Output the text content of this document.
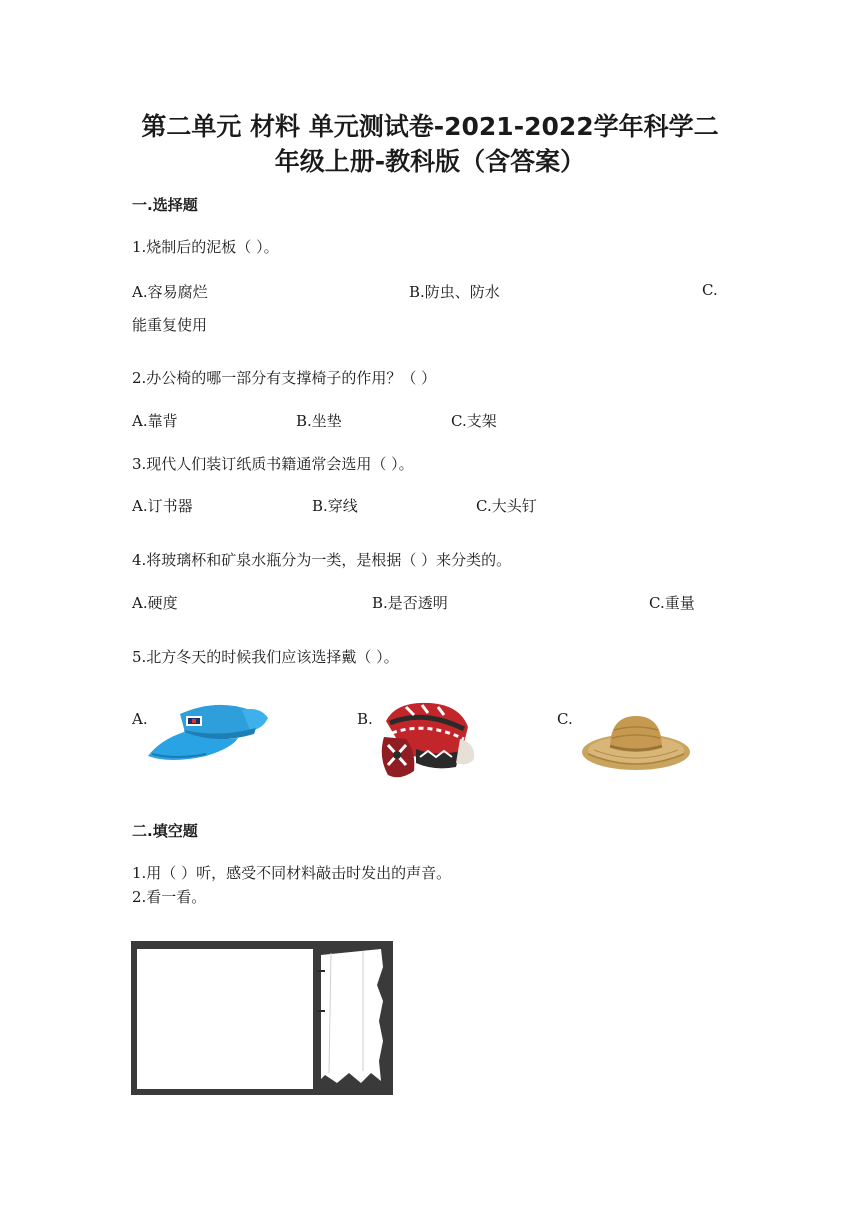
第二单元 材料 单元测试卷-2021-2022学年科学二
年级上册-教科版（含答案）
一.选择题
1.烧制后的泥板（ ）。
A.容易腐烂	B.防虫、防水	C.
能重复使用
2.办公椅的哪一部分有支撑椅子的作用？（ ）
A.靠背	B.坐垫	C.支架
3.现代人们装订纸质书籍通常会选用（ ）。
A.订书器	B.穿线	C.大头钉
4.将玻璃杯和矿泉水瓶分为一类，是根据（ ）来分类的。
A.硬度	B.是否透明	C.重量
5.北方冬天的时候我们应该选择戴（ ）。
A.	B.	C.
二.填空题
1.用（ ）听，感受不同材料敲击时发出的声音。
2.看一看。
